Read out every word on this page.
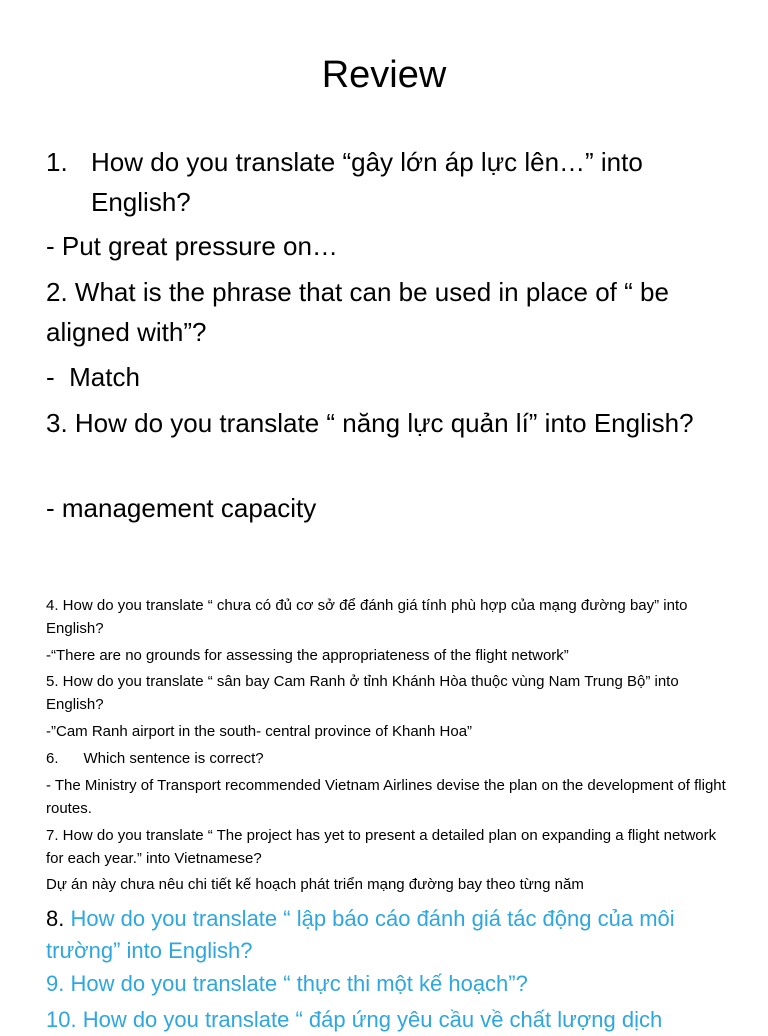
Review
1. How do you translate “gây lớn áp lực lên…” into English?
- Put great pressure on…
2. What is the phrase that can be used in place of “ be aligned with”?
-  Match
3. How do you translate “ năng lực quản lí” into English?
- management capacity
4. How do you translate “ chưa có đủ cơ sở để đánh giá tính phù hợp của mạng đường bay” into English?
-“There are no grounds for assessing the appropriateness of the flight network”
5. How do you translate “ sân bay Cam Ranh ở tỉnh Khánh Hòa thuộc vùng Nam Trung Bộ” into English?
-”Cam Ranh airport in the south- central province of Khanh Hoa”
6.      Which sentence is correct?
- The Ministry of Transport recommended Vietnam Airlines devise the plan on the development of flight routes.
7. How do you translate “ The project has yet to present a detailed plan on expanding a flight network for each year.” into Vietnamese?
Dự án này chưa nêu chi tiết kế hoạch phát triển mạng đường bay theo từng năm
8. How do you translate “ lập báo cáo đánh giá tác động của môi trường” into English?
9. How do you translate “ thực thi một kế hoạch”?
10. How do you translate “ đáp ứng yêu cầu về chất lượng dịch
